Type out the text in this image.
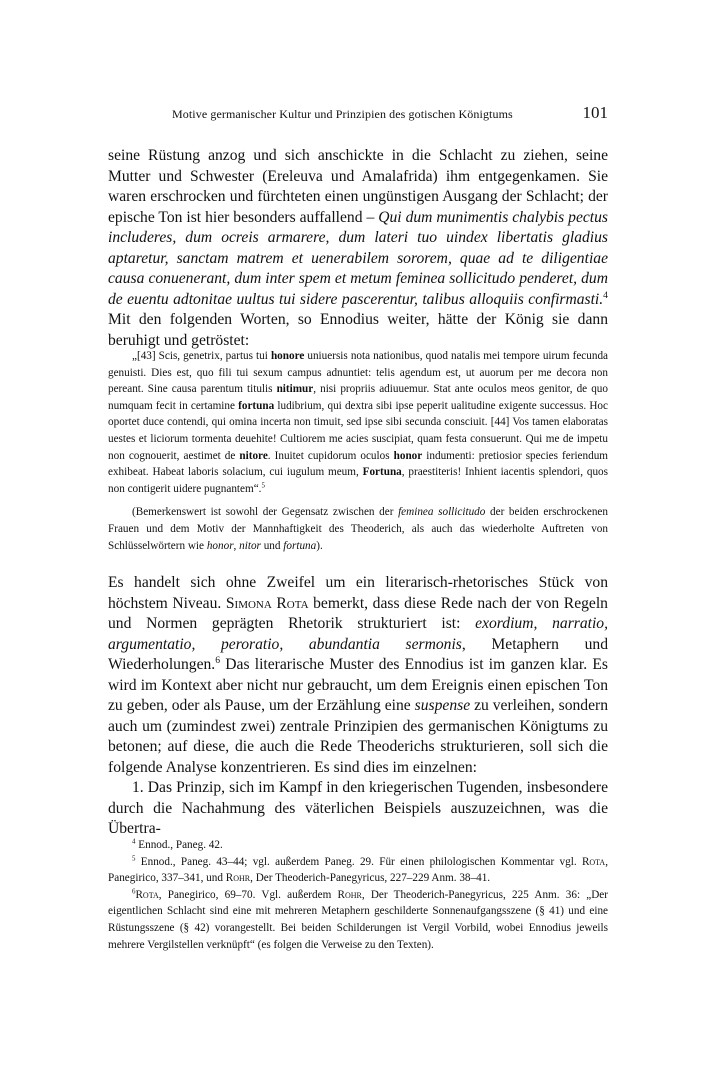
Motive germanischer Kultur und Prinzipien des gotischen Königtums	101

seine Rüstung anzog und sich anschickte in die Schlacht zu ziehen, seine Mutter und Schwester (Ereleuva und Amalafrida) ihm entgegenkamen. Sie waren erschrocken und fürchteten einen ungünstigen Ausgang der Schlacht; der epische Ton ist hier besonders auffallend – Qui dum munimentis chalybis pectus includeres, dum ocreis armarere, dum lateri tuo uindex libertatis gladius aptaretur, sanctam matrem et uenerabilem sororem, quae ad te diligentiae causa conuenerant, dum inter spem et metum feminea sollicitudo penderet, dum de euentu adtonitae uultus tui sidere pascerentur, talibus alloquiis confirmasti.$^4$ Mit den folgenden Worten, so Ennodius weiter, hätte der König sie dann beruhigt und getröstet:

„[43] Scis, genetrix, partus tui honore uniuersis nota nationibus, quod natalis mei tempore uirum fecunda genuisti. Dies est, quo fili tui sexum campus adnuntiet: telis agendum est, ut auorum per me decora non pereant. Sine causa parentum titulis nitimur, nisi propriis adiuuemur. Stat ante oculos meos genitor, de quo numquam fecit in certamine fortuna ludibrium, qui dextra sibi ipse peperit ualitudine exigente successus. Hoc oportet duce contendi, qui omina incerta non timuit, sed ipse sibi secunda consciuit. [44] Vos tamen elaboratas uestes et liciorum tormenta deuehite! Cultiorem me acies suscipiat, quam festa consuerunt. Qui me de impetu non cognouerit, aestimet de nitore. Inuitet cupidorum oculos honor indumenti: pretiosior species feriendum exhibeat. Habeat laboris solacium, cui iugulum meum, Fortuna, praestiteris! Inhient iacentis splendori, quos non contigerit uidere pugnantem“.$^5$

(Bemerkenswert ist sowohl der Gegensatz zwischen der feminea sollicitudo der beiden erschrockenen Frauen und dem Motiv der Mannhaftigkeit des Theoderich, als auch das wiederholte Auftreten von Schlüsselwörtern wie honor, nitor und fortuna).

Es handelt sich ohne Zweifel um ein literarisch-rhetorisches Stück von höchstem Niveau. Simona Rota bemerkt, dass diese Rede nach der von Regeln und Normen geprägten Rhetorik strukturiert ist: exordium, narratio, argumentatio, peroratio, abundantia sermonis, Metaphern und Wiederholungen.$^6$ Das literarische Muster des Ennodius ist im ganzen klar. Es wird im Kontext aber nicht nur gebraucht, um dem Ereignis einen epischen Ton zu geben, oder als Pause, um der Erzählung eine suspense zu verleihen, sondern auch um (zumindest zwei) zentrale Prinzipien des germanischen Königtums zu betonen; auf diese, die auch die Rede Theoderichs strukturieren, soll sich die folgende Analyse konzentrieren. Es sind dies im einzelnen:

1. Das Prinzip, sich im Kampf in den kriegerischen Tugenden, insbesondere durch die Nachahmung des väterlichen Beispiels auszuzeichnen, was die Übertra-

$^4$ Ennod., Paneg. 42.

$^5$ Ennod., Paneg. 43–44; vgl. außerdem Paneg. 29. Für einen philologischen Kommentar vgl. Rota, Panegirico, 337–341, und Rohr, Der Theoderich-Panegyricus, 227–229 Anm. 38–41.

$^6$Rota, Panegirico, 69–70. Vgl. außerdem Rohr, Der Theoderich-Panegyricus, 225 Anm. 36: „Der eigentlichen Schlacht sind eine mit mehreren Metaphern geschilderte Sonnenaufgangsszene (§ 41) und eine Rüstungsszene (§ 42) vorangestellt. Bei beiden Schilderungen ist Vergil Vorbild, wobei Ennodius jeweils mehrere Vergilstellen verknüpft“ (es folgen die Verweise zu den Texten).
